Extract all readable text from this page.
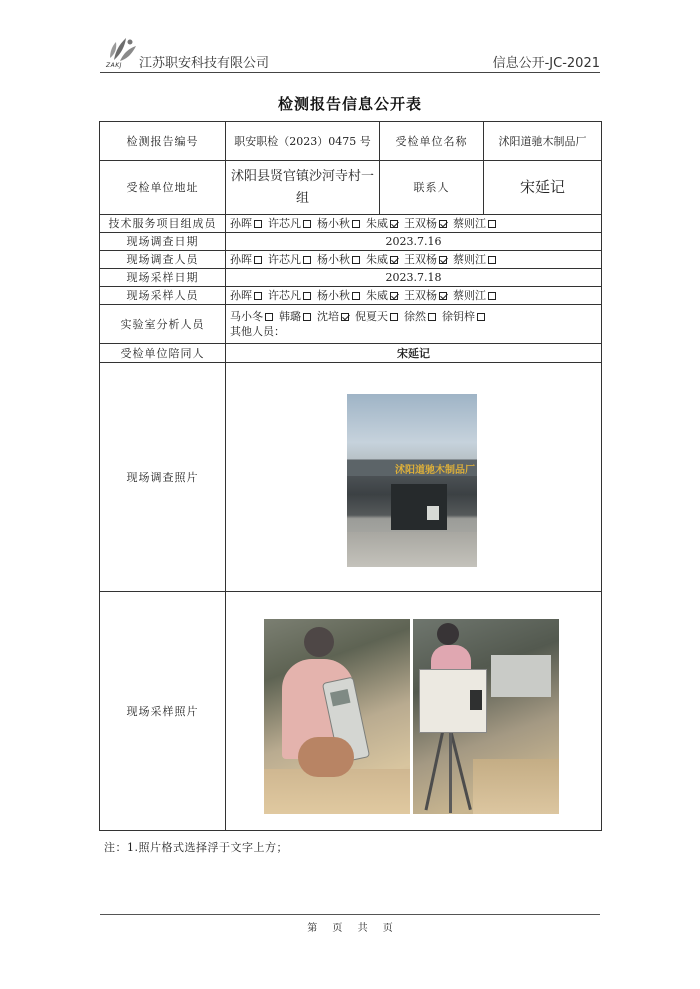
ZAKJ 江苏职安科技有限公司	信息公开-JC-2021
检测报告信息公开表
检测报告编号	职安职检（2023）0475 号	受检单位名称	沭阳道驰木制品厂
受检单位地址	沭阳县贤官镇沙河寺村一组	联系人	宋延记
技术服务项目组成员	孙晖 许芯凡 杨小秋 朱威 王双杨 蔡则江		
现场调查日期	2023.7.16		
现场调查人员	孙晖 许芯凡 杨小秋 朱威 王双杨 蔡则江		
现场采样日期	2023.7.18		
现场采样人员	孙晖 许芯凡 杨小秋 朱威 王双杨 蔡则江		
实验室分析人员	马小冬 韩璐 沈培 倪夏天 徐然 徐钥梓
其他人员：		

受检单位陪同人	宋延记		
现场调查照片			
现场采样照片			
沭阳道驰木制品厂
注：1.照片格式选择浮于文字上方；
第 页 共 页
